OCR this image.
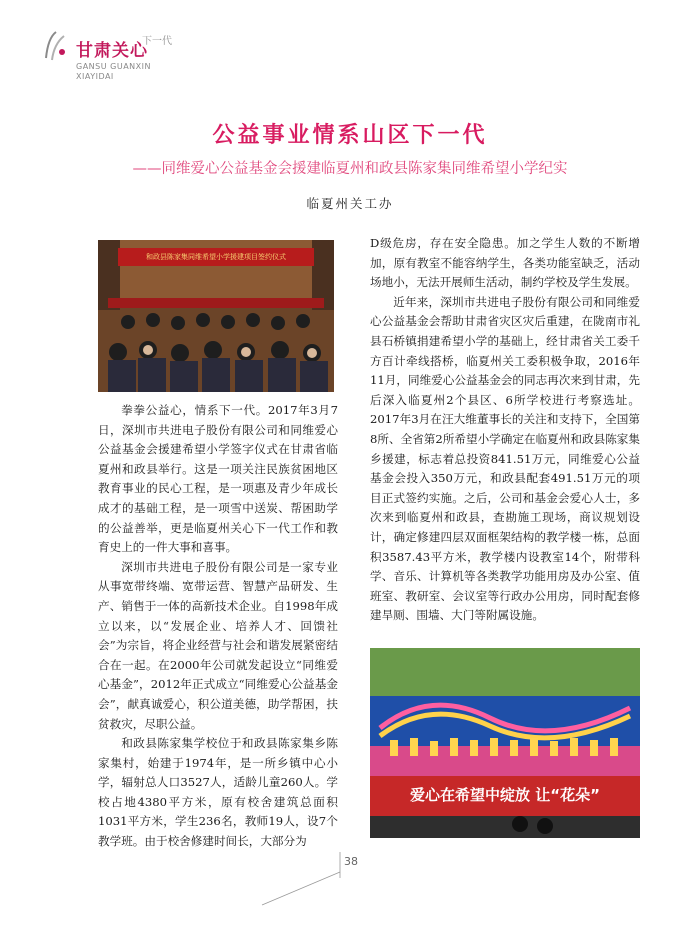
甘肃关心
下一代
GANSU GUANXIN
XIAYIDAI
公益事业情系山区下一代
——同维爱心公益基金会援建临夏州和政县陈家集同维希望小学纪实
临夏州关工办
和政县陈家集同维希望小学援建项目签约仪式

拳拳公益心，情系下一代。2017年3月7日，深圳市共进电子股份有限公司和同维爱心公益基金会援建希望小学签字仪式在甘肃省临夏州和政县举行。这是一项关注民族贫困地区教育事业的民心工程，是一项惠及青少年成长成才的基础工程，是一项雪中送炭、帮困助学的公益善举，更是临夏州关心下一代工作和教育史上的一件大事和喜事。

深圳市共进电子股份有限公司是一家专业从事宽带终端、宽带运营、智慧产品研发、生产、销售于一体的高新技术企业。自1998年成立以来，以“发展企业、培养人才、回馈社会”为宗旨，将企业经营与社会和谐发展紧密结合在一起。在2000年公司就发起设立“同维爱心基金”，2012年正式成立“同维爱心公益基金会”，献真诚爱心，积公道美德，助学帮困，扶贫救灾，尽职公益。

和政县陈家集学校位于和政县陈家集乡陈家集村，始建于1974年，是一所乡镇中心小学，辐射总人口3527人，适龄儿童260人。学校占地4380平方米，原有校舍建筑总面积1031平方米，学生236名，教师19人，设7个教学班。由于校舍修建时间长，大部分为

D级危房，存在安全隐患。加之学生人数的不断增加，原有教室不能容纳学生，各类功能室缺乏，活动场地小，无法开展师生活动，制约学校及学生发展。

近年来，深圳市共进电子股份有限公司和同维爱心公益基金会帮助甘肃省灾区灾后重建，在陇南市礼县石桥镇捐建希望小学的基础上，经甘肃省关工委千方百计牵线搭桥，临夏州关工委积极争取，2016年11月，同维爱心公益基金会的同志再次来到甘肃，先后深入临夏州2个县区、6所学校进行考察选址。2017年3月在汪大维董事长的关注和支持下，全国第8所、全省第2所希望小学确定在临夏州和政县陈家集乡援建，标志着总投资841.51万元，同维爱心公益基金会投入350万元，和政县配套491.51万元的项目正式签约实施。之后，公司和基金会爱心人士，多次来到临夏州和政县，查勘施工现场，商议规划设计，确定修建四层双面框架结构的教学楼一栋，总面积3587.43平方米，教学楼内设教室14个，附带科学、音乐、计算机等各类教学功能用房及办公室、值班室、教研室、会议室等行政办公用房，同时配套修建旱厕、围墙、大门等附属设施。

爱心在希望中绽放 让“花朵”
38
